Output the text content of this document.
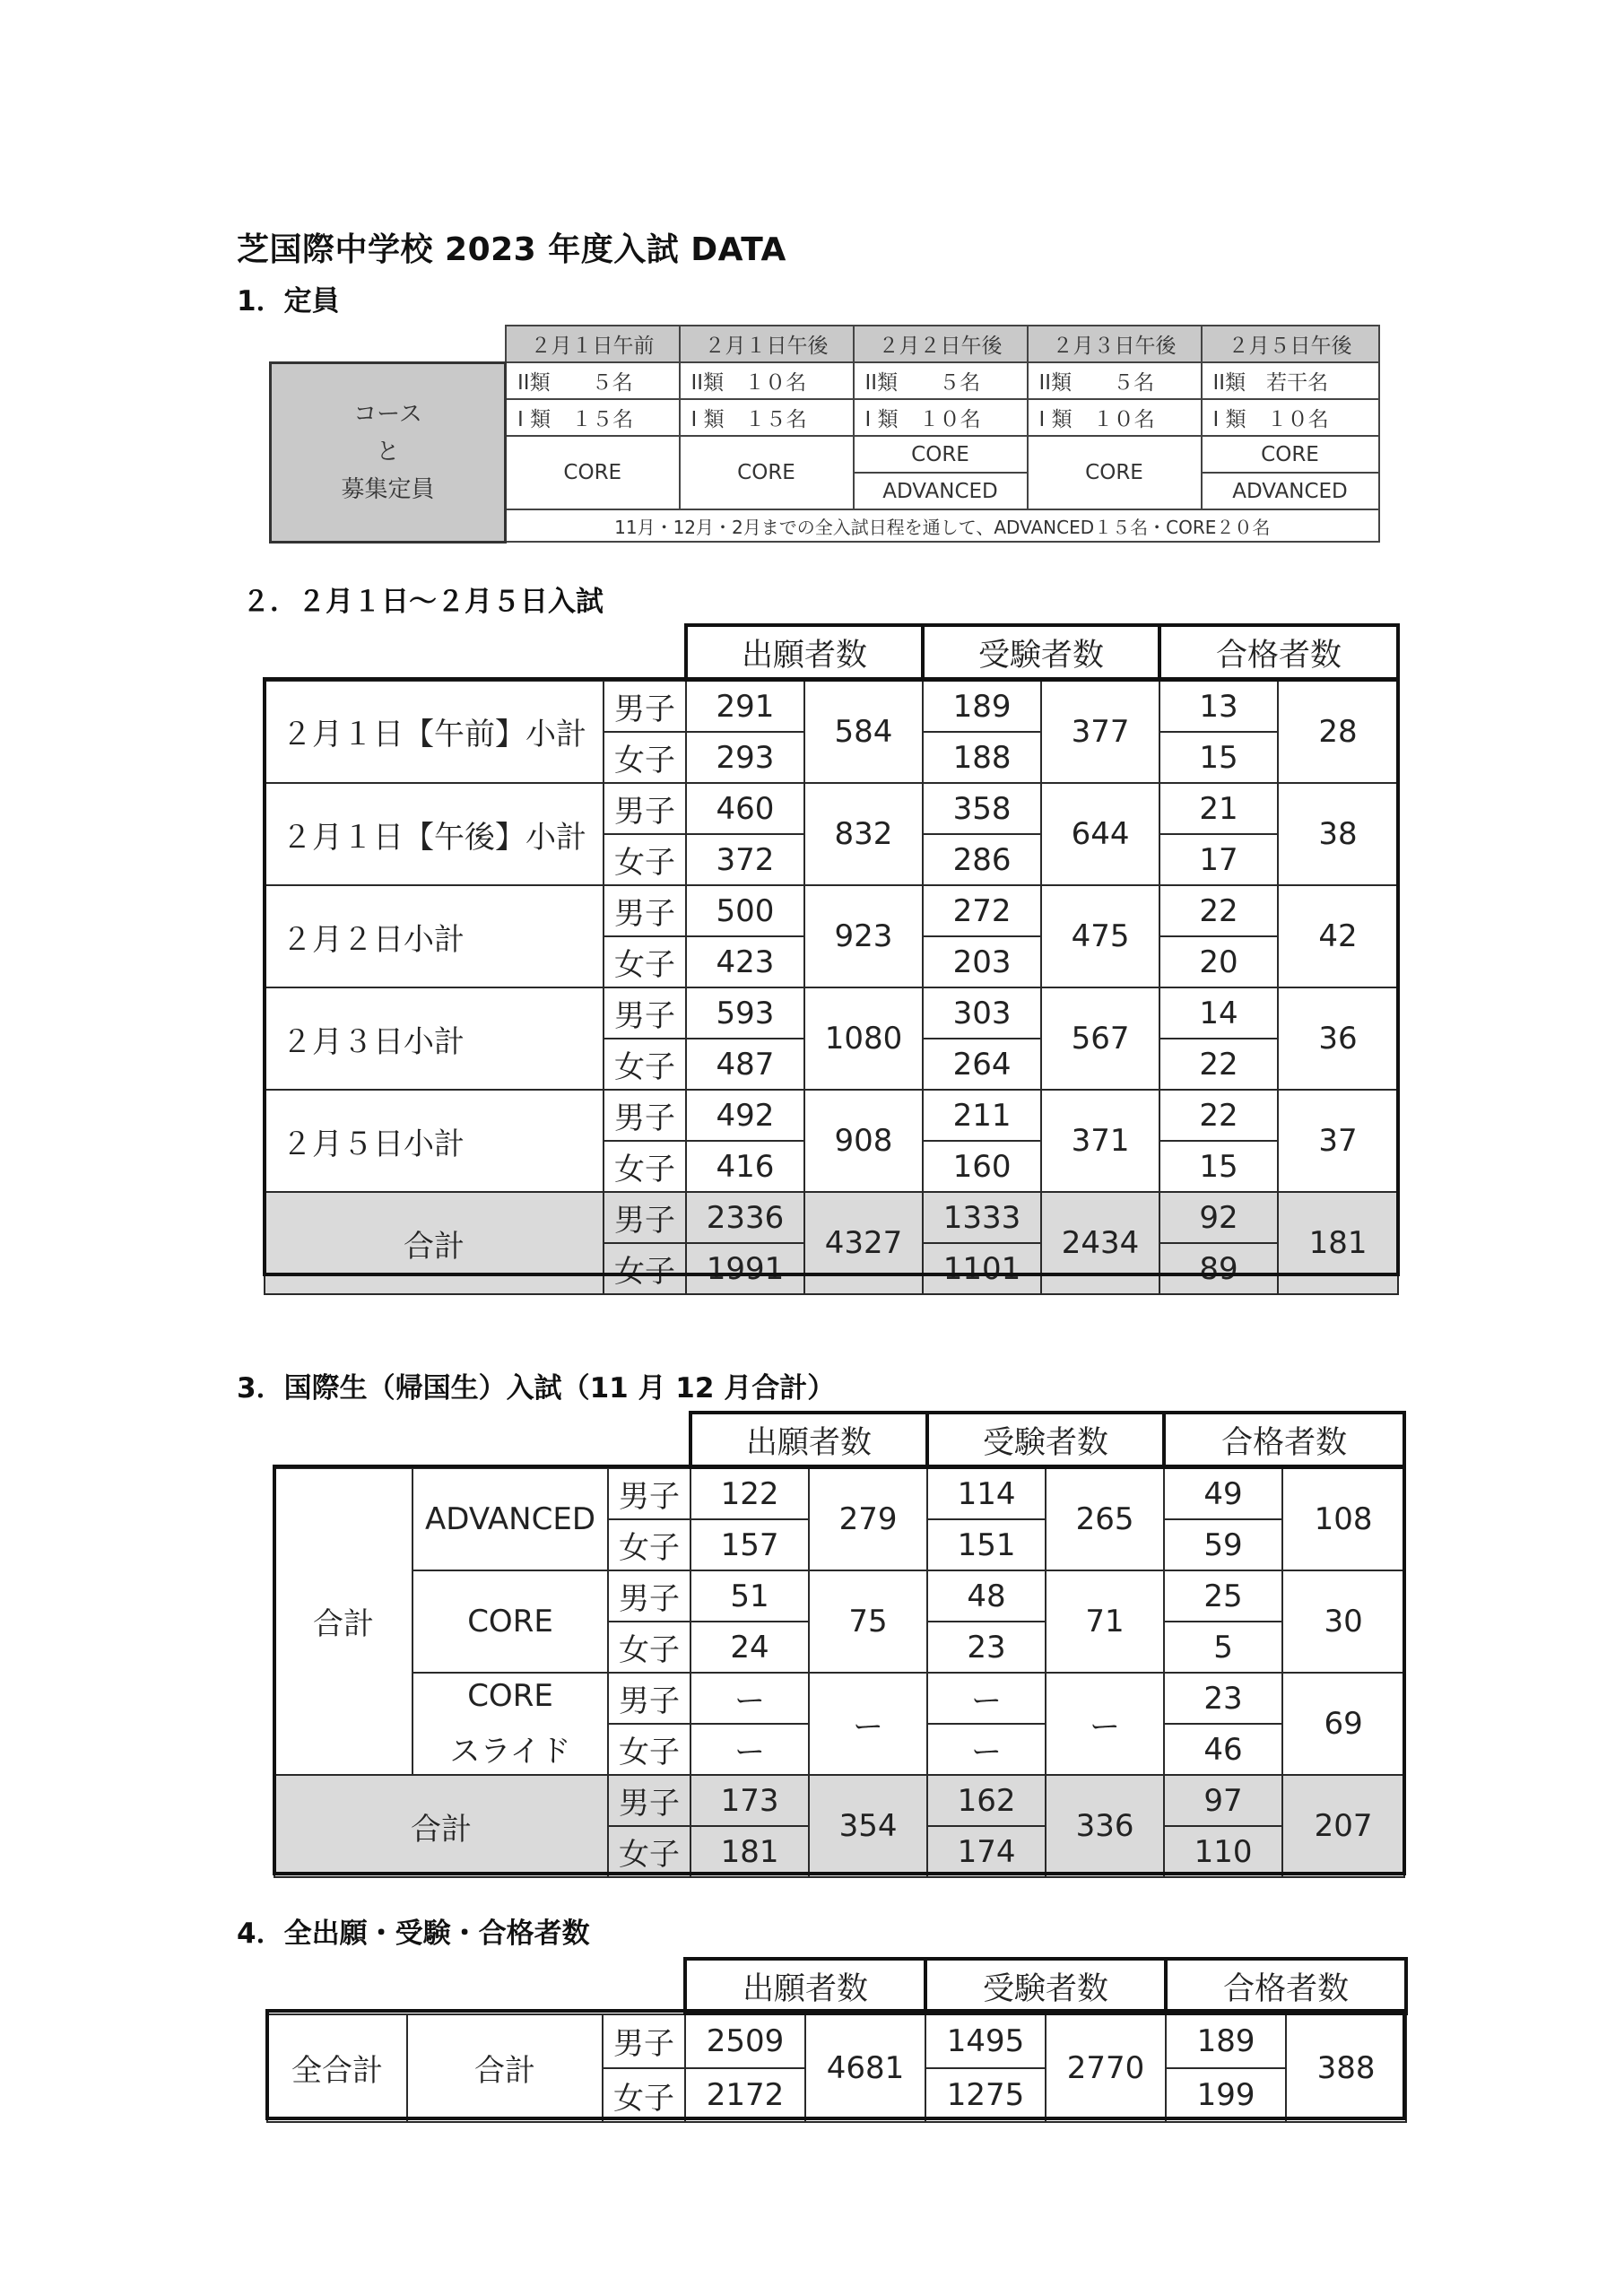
芝国際中学校 2023 年度入試 DATA
1．定員
	２月１日午前	２月１日午後	２月２日午後	２月３日午後	２月５日午後

コース
と
募集定員	II類　　５名	II類　１０名	II類　　５名	II類　　５名	II類　若干名
	I 類　１５名	I 類　１５名	I 類　１０名	I 類　１０名	I 類　１０名
	CORE	CORE	CORE	CORE	CORE
			ADVANCED		ADVANCED
	11月・12月・2月までの全入試日程を通して、ADVANCED１５名・CORE２０名				
２．２月１日〜２月５日入試
		出願者数		受験者数		合格者数	
２月１日【午前】小計	男子	291	584	189	377	13	28
	女子	293		188		15	
２月１日【午後】小計	男子	460	832	358	644	21	38
	女子	372		286		17	
２月２日小計	男子	500	923	272	475	22	42
	女子	423		203		20	
２月３日小計	男子	593	1080	303	567	14	36
	女子	487		264		22	
２月５日小計	男子	492	908	211	371	22	37
	女子	416		160		15	
合計	男子	2336	4327	1333	2434	92	181
	女子	1991		1101		89	
3．国際生（帰国生）入試（11 月 12 月合計）
			出願者数		受験者数		合格者数	
合計	ADVANCED	男子	122	279	114	265	49	108
		女子	157		151		59	
	CORE	男子	51	75	48	71	25	30
		女子	24		23		5	

	CORE
スライド	男子	ー	ー	ー	ー	23	69
		女子	ー		ー		46	
合計		男子	173	354	162	336	97	207
		女子	181		174		110	
4．全出願・受験・合格者数
			出願者数		受験者数		合格者数	
全合計	合計	男子	2509	4681	1495	2770	189	388
		女子	2172		1275		199	
